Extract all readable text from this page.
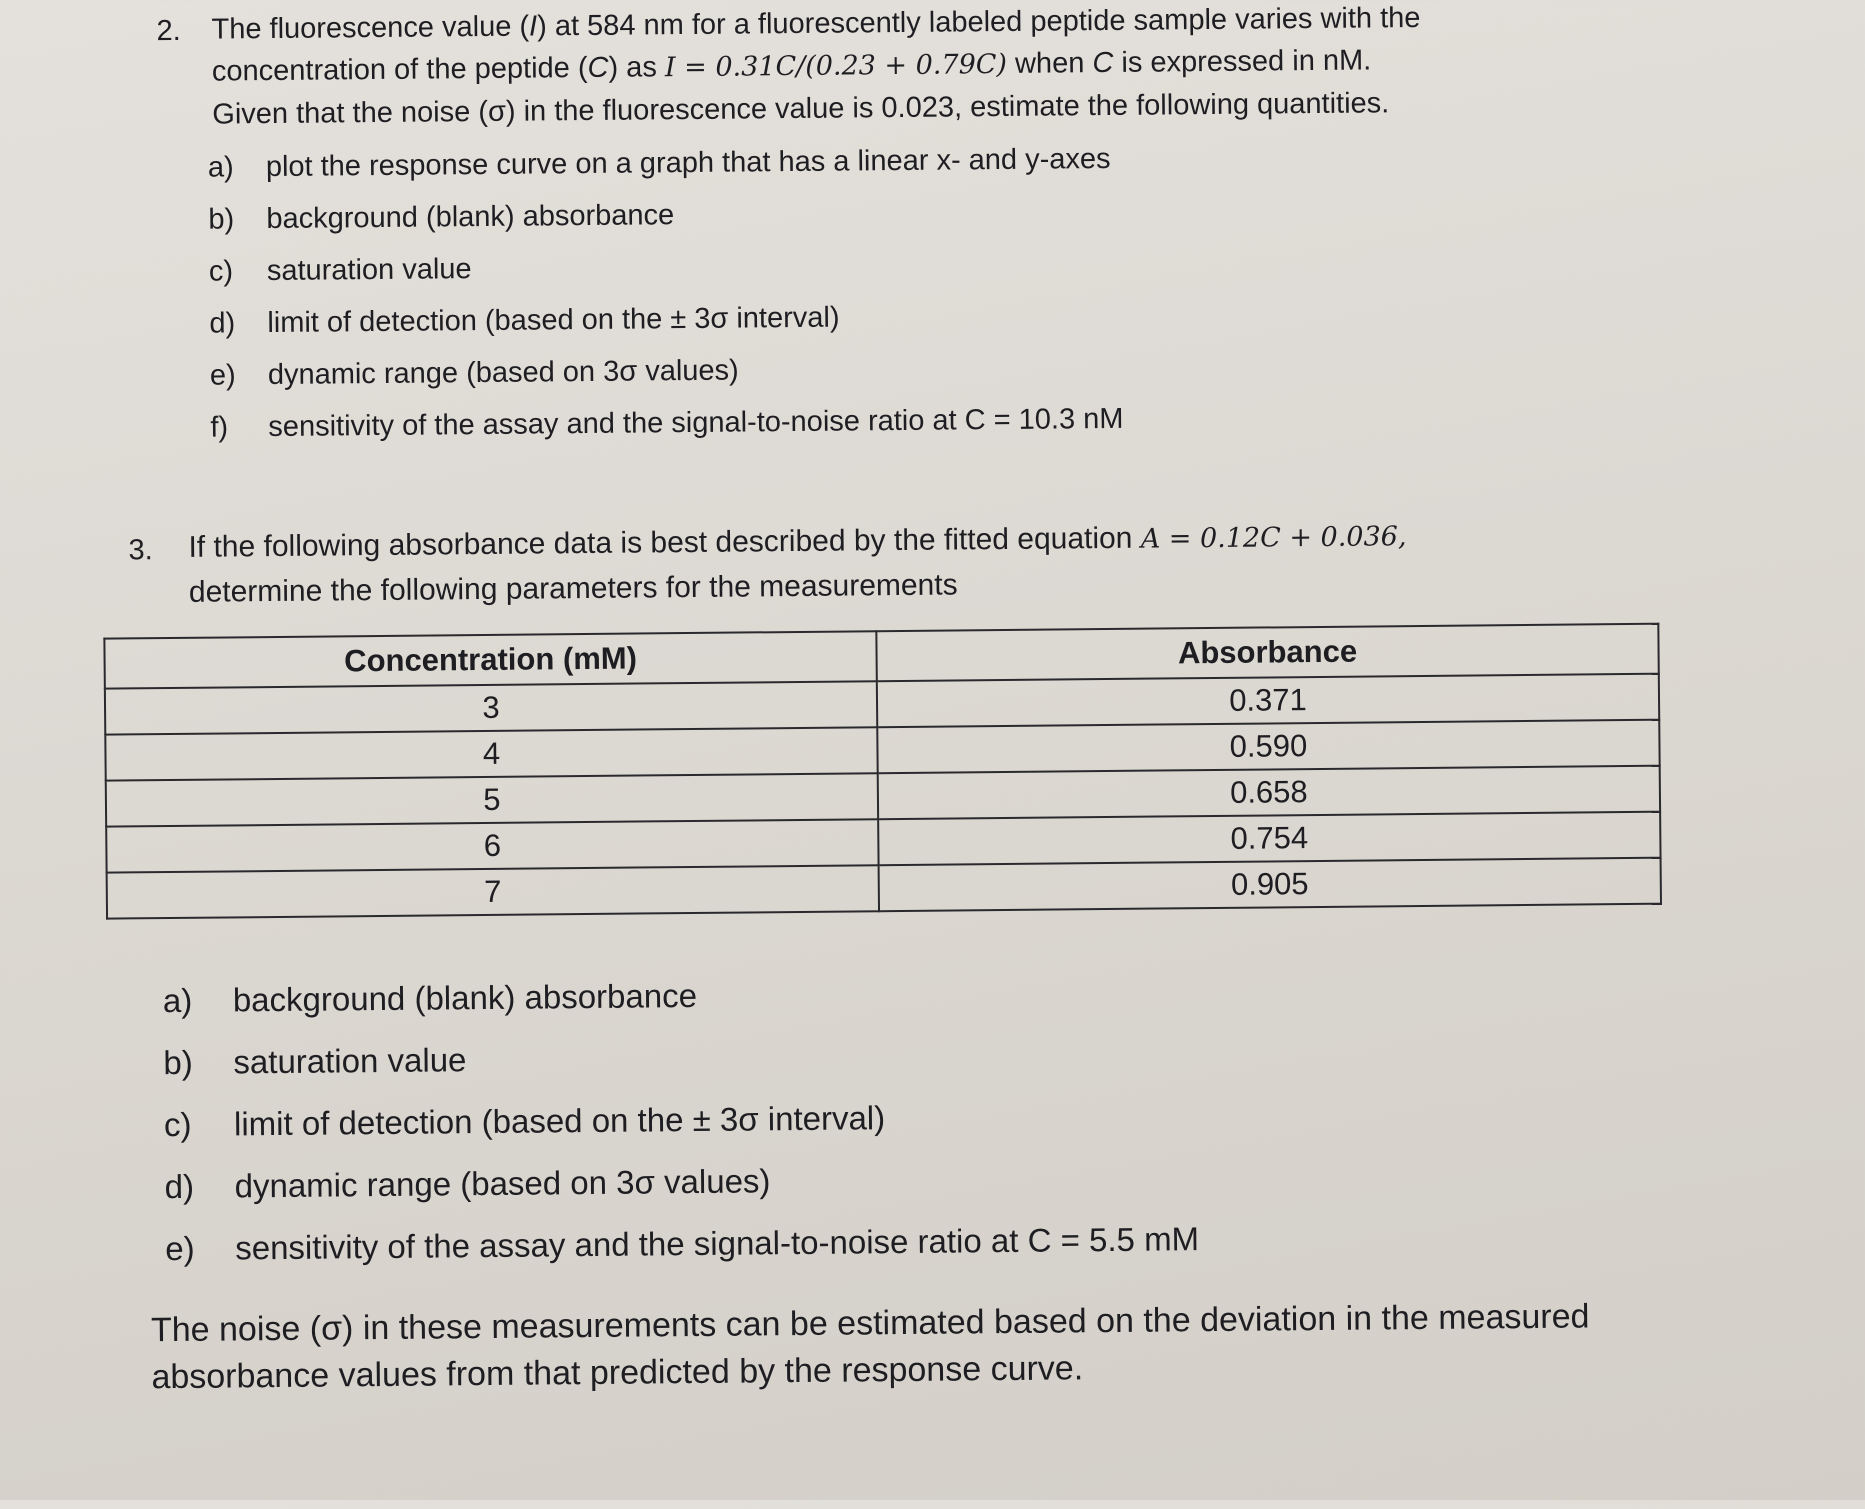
2. The fluorescence value (I) at 584 nm for a fluorescently labeled peptide sample varies with the
concentration of the peptide (C) as I = 0.31C/(0.23 + 0.79C) when C is expressed in nM.
Given that the noise (σ) in the fluorescence value is 0.023, estimate the following quantities.
a) plot the response curve on a graph that has a linear x- and y-axes
b) background (blank) absorbance
c) saturation value
d) limit of detection (based on the ± 3σ interval)
e) dynamic range (based on 3σ values)
f) sensitivity of the assay and the signal-to-noise ratio at C = 10.3 nM
3. If the following absorbance data is best described by the fitted equation A = 0.12C + 0.036,
determine the following parameters for the measurements
Concentration (mM)	Absorbance
3	0.371
4	0.590
5	0.658
6	0.754
7	0.905
a) background (blank) absorbance
b) saturation value
c) limit of detection (based on the ± 3σ interval)
d) dynamic range (based on 3σ values)
e) sensitivity of the assay and the signal-to-noise ratio at C = 5.5 mM
The noise (σ) in these measurements can be estimated based on the deviation in the measured
absorbance values from that predicted by the response curve.
